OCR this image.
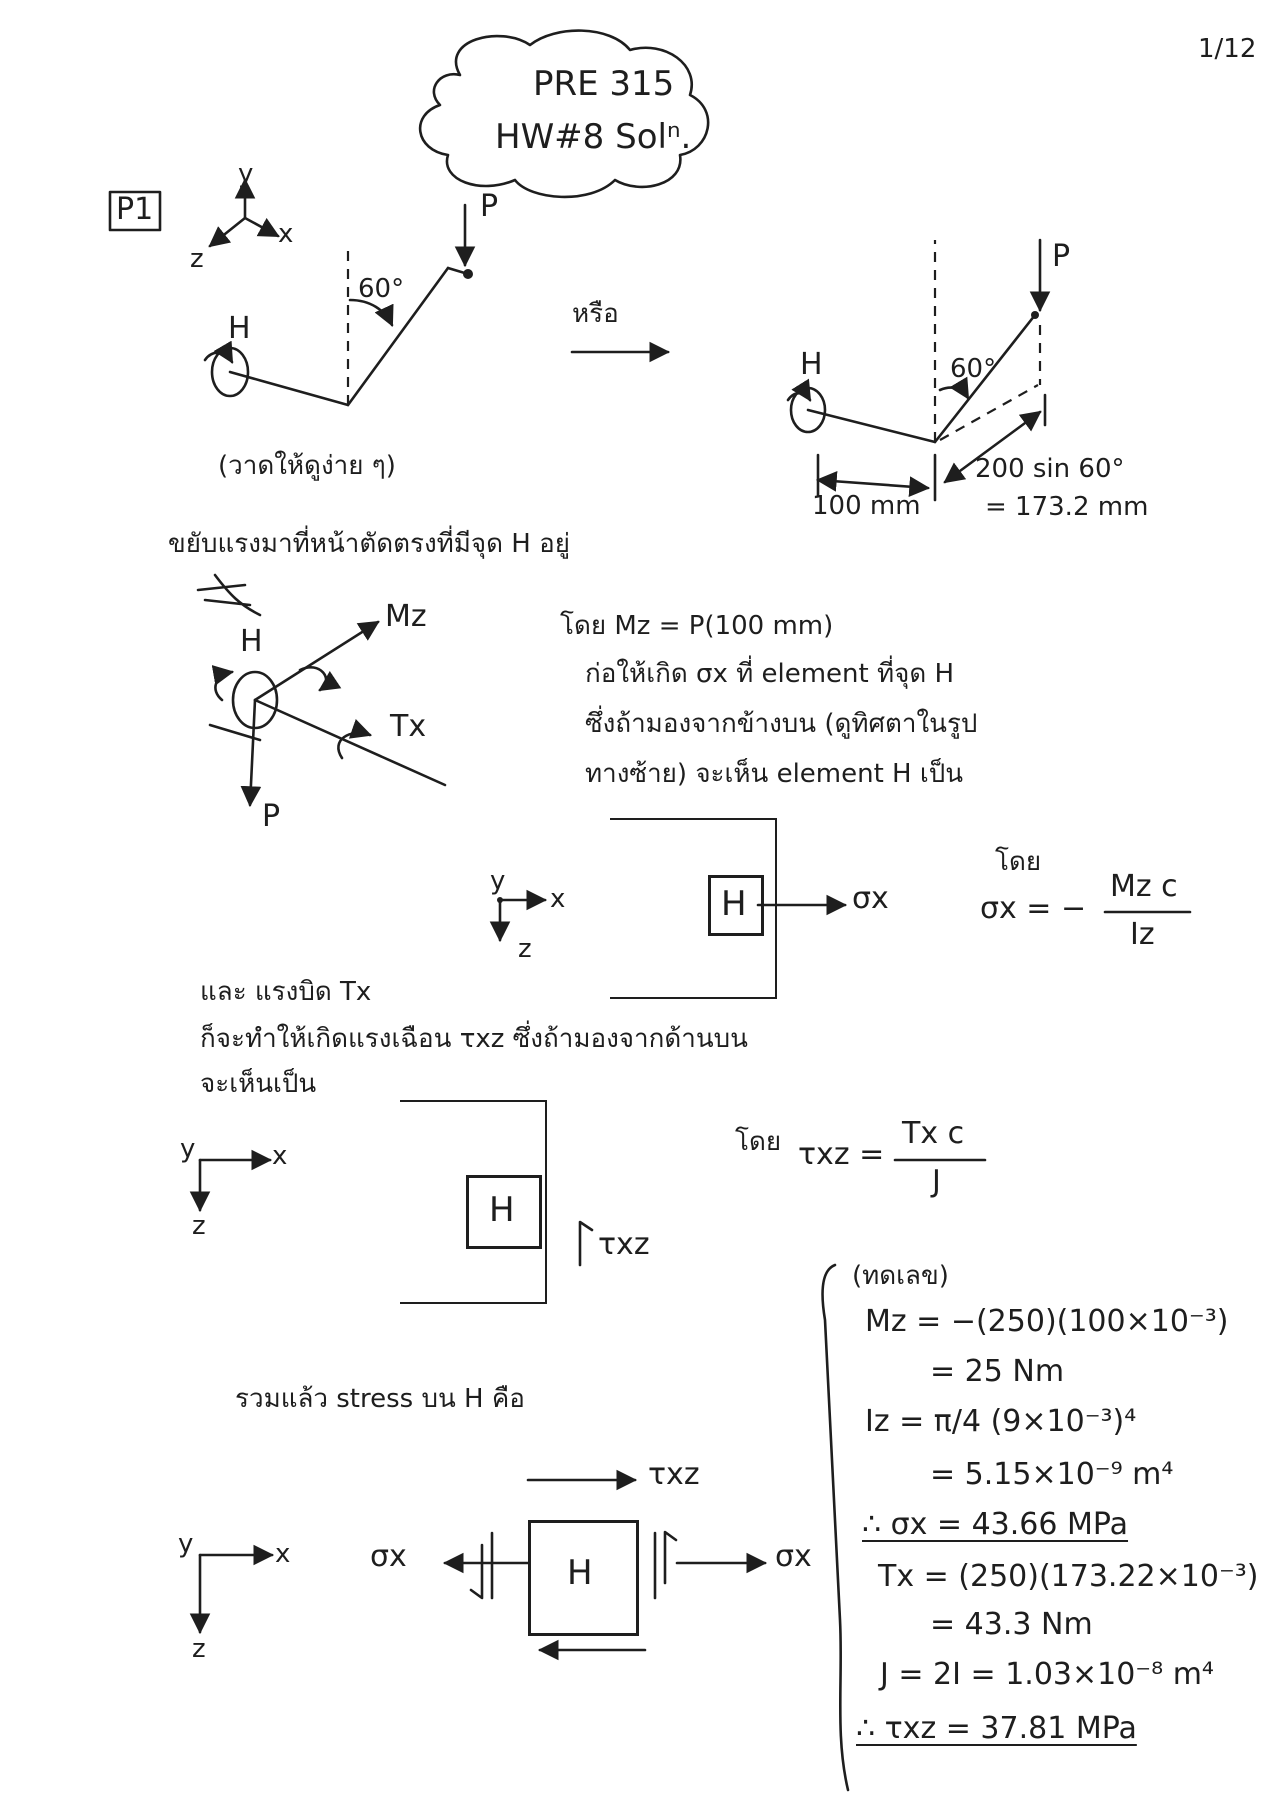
1/12
PRE 315
HW#8 Solⁿ.
P1
y
x
z
P
60°
H
(วาดให้ดูง่าย ๆ)
หรือ
P
60°
H
100 mm
200 sin 60°
= 173.2 mm
ขยับแรงมาที่หน้าตัดตรงที่มีจุด H อยู่
Mz
H
Tx
P
โดย Mz = P(100 mm)
ก่อให้เกิด σx ที่ element ที่จุด H
ซึ่งถ้ามองจากข้างบน (ดูทิศตาในรูป
ทางซ้าย) จะเห็น element H เป็น
y
x
z
H	σx
โดย
σx = −
Mz c
Iz
และ แรงบิด Tx
ก็จะทำให้เกิดแรงเฉือน τxz ซึ่งถ้ามองจากด้านบน
จะเห็นเป็น
y	x
z	H
τxz
โดย τxz =
Tx c
J
รวมแล้ว stress บน H คือ
y	x
z
H
σx	σx
τxz
(ทดเลข)
Mz = −(250)(100×10⁻³)
= 25 Nm
Iz = π/4 (9×10⁻³)⁴
= 5.15×10⁻⁹ m⁴
∴ σx = 43.66 MPa
Tx = (250)(173.22×10⁻³)
= 43.3 Nm
J = 2I = 1.03×10⁻⁸ m⁴
∴ τxz = 37.81 MPa
